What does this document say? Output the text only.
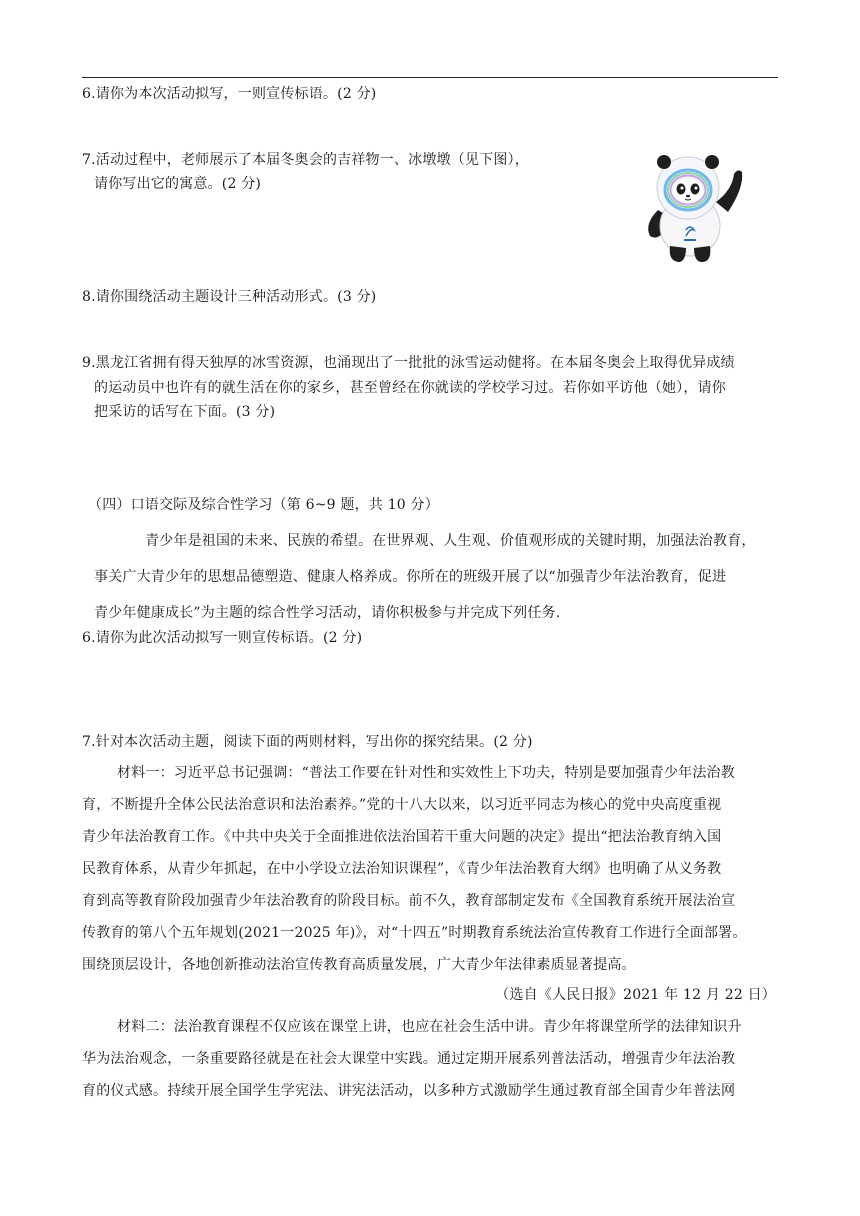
6.请你为本次活动拟写，一则宣传标语。(2 分)
7.活动过程中，老师展示了本届冬奥会的吉祥物一、冰墩墩（见下图），
请你写出它的寓意。(2 分)
8.请你围绕活动主题设计三种活动形式。(3 分)
9.黑龙江省拥有得天独厚的冰雪资源，也涌现出了一批批的泳雪运动健将。在本届冬奥会上取得优异成绩
的运动员中也许有的就生活在你的家乡，甚至曾经在你就读的学校学习过。若你如平访他（她），请你
把采访的话写在下面。(3 分)
（四）口语交际及综合性学习（第 6~9 题，共 10 分）
青少年是祖国的未来、民族的希望。在世界观、人生观、价值观形成的关键时期，加强法治教育，
事关广大青少年的思想品德塑造、健康人格养成。你所在的班级开展了以“加强青少年法治教育，促进
青少年健康成长”为主题的综合性学习活动，请你积极参与并完成下列任务.
6.请你为此次活动拟写一则宣传标语。(2 分)
7.针对本次活动主题，阅读下面的两则材料，写出你的探究结果。(2 分)
材料一：习近平总书记强调：“普法工作要在针对性和实效性上下功夫，特别是要加强青少年法治教
育，不断提升全体公民法治意识和法治素养。”党的十八大以来，以习近平同志为核心的党中央高度重视
青少年法治教育工作。《中共中央关于全面推进依法治国若干重大问题的决定》提出“把法治教育纳入国
民教育体系，从青少年抓起，在中小学设立法治知识课程”，《青少年法治教育大纲》也明确了从义务教
育到高等教育阶段加强青少年法治教育的阶段目标。前不久，教育部制定发布《全国教育系统开展法治宣
传教育的第八个五年规划(2021一2025 年)》，对“十四五”时期教育系统法治宣传教育工作进行全面部署。
围绕顶层设计，各地创新推动法治宣传教育高质量发展，广大青少年法律素质显著提高。
（选自《人民日报》2021 年 12 月 22 日）
材料二：法治教育课程不仅应该在课堂上讲，也应在社会生活中讲。青少年将课堂所学的法律知识升
华为法治观念，一条重要路径就是在社会大课堂中实践。通过定期开展系列普法活动，增强青少年法治教
育的仪式感。持续开展全国学生学宪法、讲宪法活动，以多种方式激励学生通过教育部全国青少年普法网
